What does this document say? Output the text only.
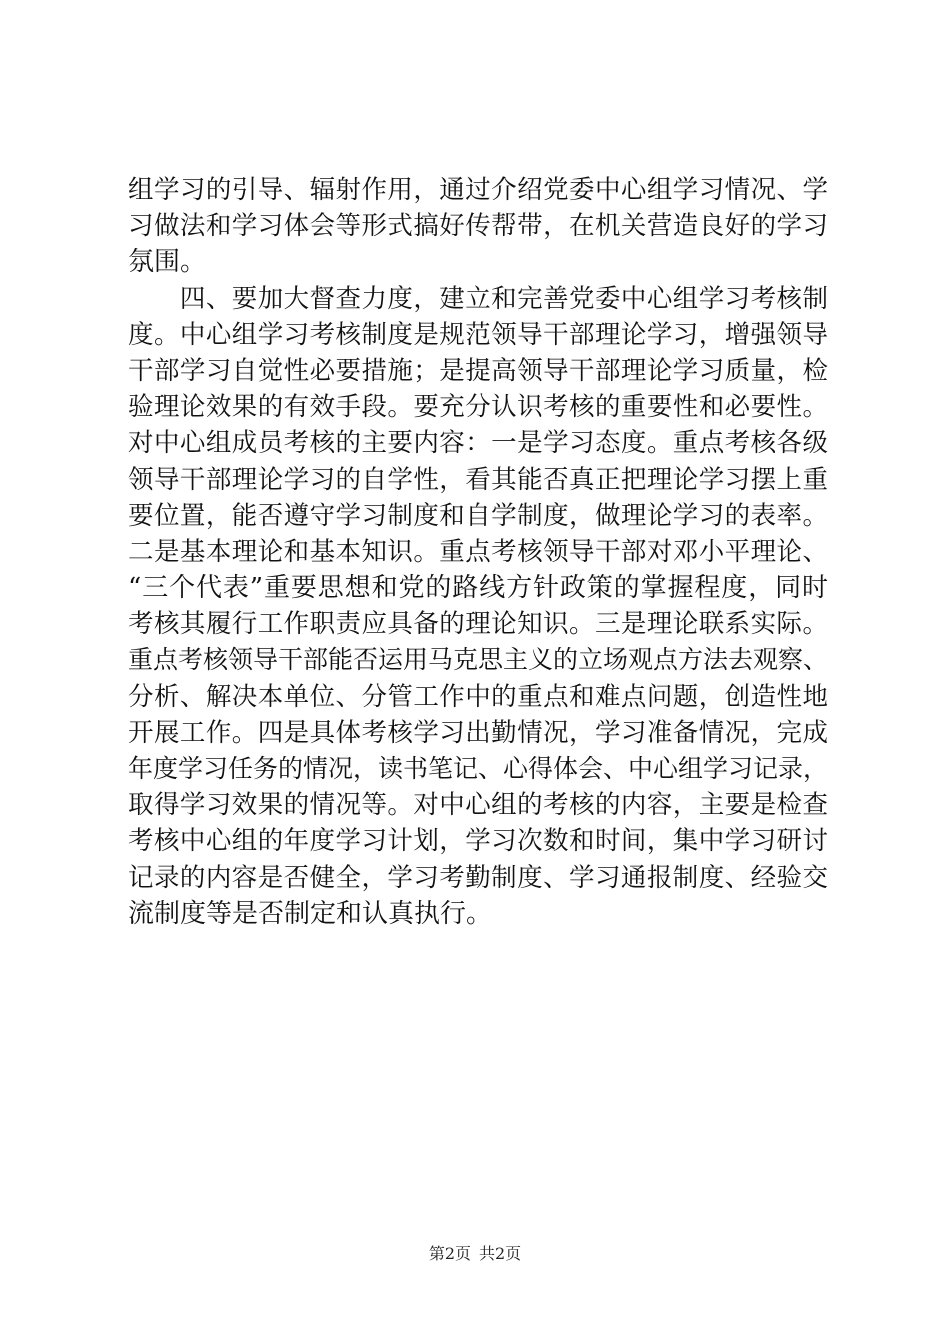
组学习的引导、辐射作用，通过介绍党委中心组学习情况、学
习做法和学习体会等形式搞好传帮带，在机关营造良好的学习
氛围。
　　四、要加大督查力度，建立和完善党委中心组学习考核制
度。中心组学习考核制度是规范领导干部理论学习，增强领导
干部学习自觉性必要措施；是提高领导干部理论学习质量，检
验理论效果的有效手段。要充分认识考核的重要性和必要性。
对中心组成员考核的主要内容：一是学习态度。重点考核各级
领导干部理论学习的自学性，看其能否真正把理论学习摆上重
要位置，能否遵守学习制度和自学制度，做理论学习的表率。
二是基本理论和基本知识。重点考核领导干部对邓小平理论、
“三个代表”重要思想和党的路线方针政策的掌握程度，同时
考核其履行工作职责应具备的理论知识。三是理论联系实际。
重点考核领导干部能否运用马克思主义的立场观点方法去观察、
分析、解决本单位、分管工作中的重点和难点问题，创造性地
开展工作。四是具体考核学习出勤情况，学习准备情况，完成
年度学习任务的情况，读书笔记、心得体会、中心组学习记录，
取得学习效果的情况等。对中心组的考核的内容，主要是检查
考核中心组的年度学习计划，学习次数和时间，集中学习研讨
记录的内容是否健全，学习考勤制度、学习通报制度、经验交
流制度等是否制定和认真执行。
第2页 共2页
